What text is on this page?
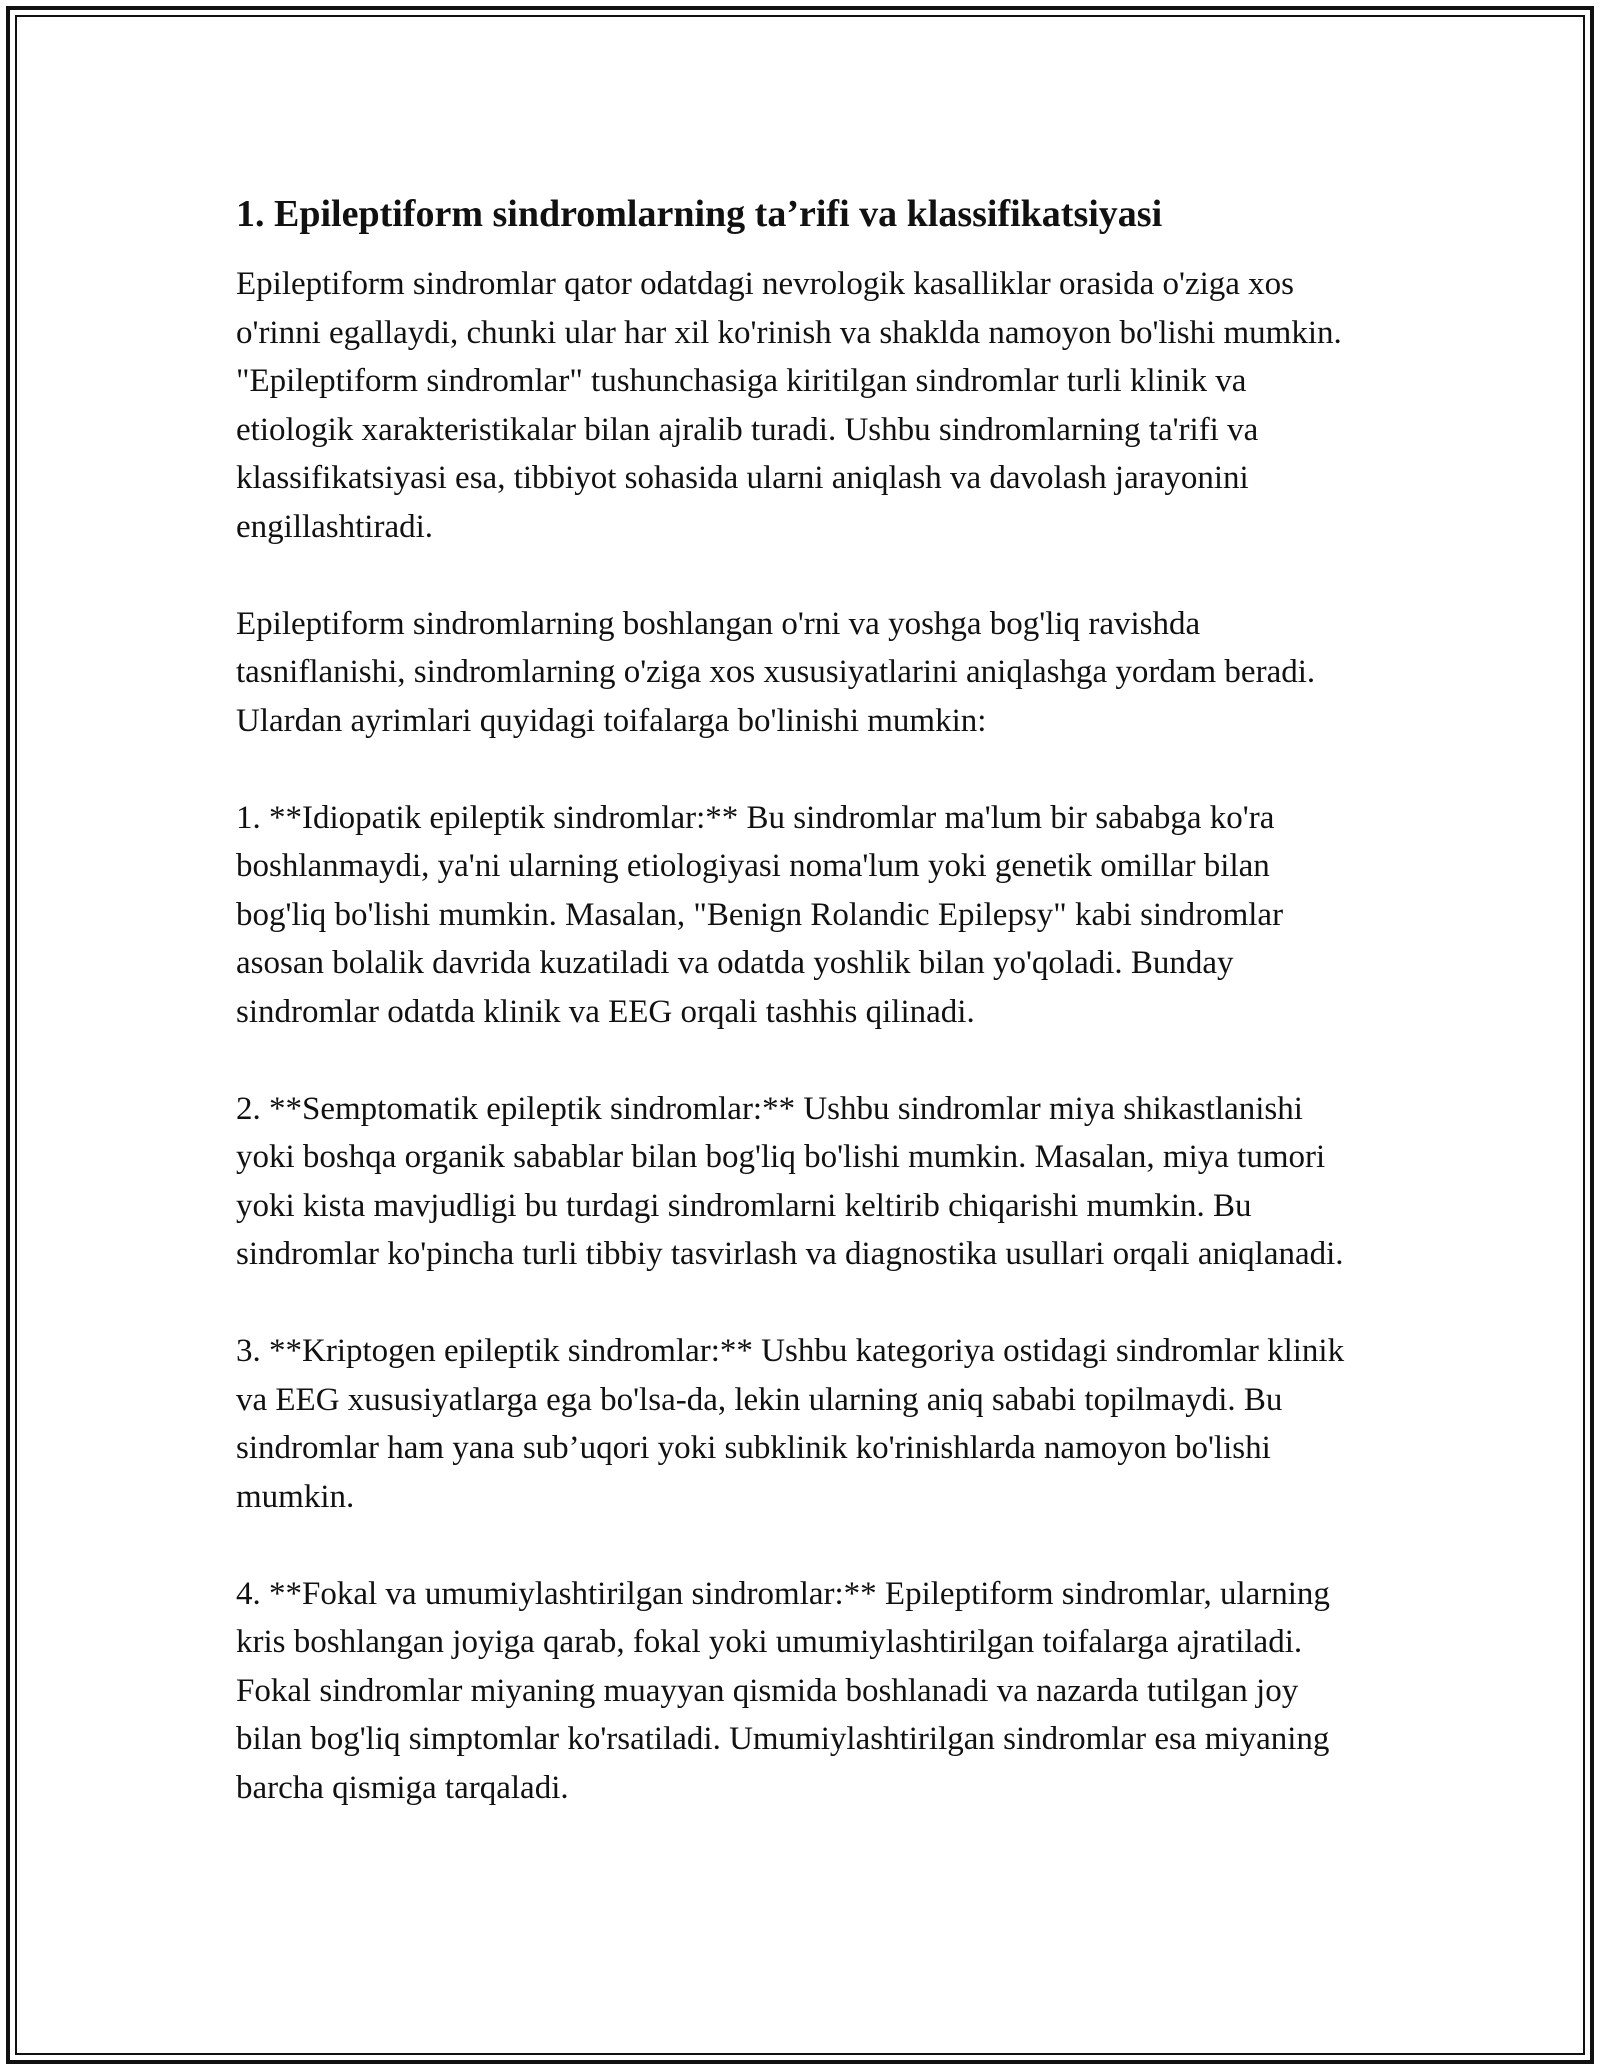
1. Epileptiform sindromlarning ta’rifi va klassifikatsiyasi

Epileptiform sindromlar qator odatdagi nevrologik kasalliklar orasida o'ziga xos o'rinni egallaydi, chunki ular har xil ko'rinish va shaklda namoyon bo'lishi mumkin. "Epileptiform sindromlar" tushunchasiga kiritilgan sindromlar turli klinik va etiologik xarakteristikalar bilan ajralib turadi. Ushbu sindromlarning ta'rifi va klassifikatsiyasi esa, tibbiyot sohasida ularni aniqlash va davolash jarayonini engillashtiradi.

Epileptiform sindromlarning boshlangan o'rni va yoshga bog'liq ravishda tasniflanishi, sindromlarning o'ziga xos xususiyatlarini aniqlashga yordam beradi. Ulardan ayrimlari quyidagi toifalarga bo'linishi mumkin:

1. **Idiopatik epileptik sindromlar:** Bu sindromlar ma'lum bir sababga ko'ra boshlanmaydi, ya'ni ularning etiologiyasi noma'lum yoki genetik omillar bilan bog'liq bo'lishi mumkin. Masalan, "Benign Rolandic Epilepsy" kabi sindromlar asosan bolalik davrida kuzatiladi va odatda yoshlik bilan yo'qoladi. Bunday sindromlar odatda klinik va EEG orqali tashhis qilinadi.

2. **Semptomatik epileptik sindromlar:** Ushbu sindromlar miya shikastlanishi yoki boshqa organik sabablar bilan bog'liq bo'lishi mumkin. Masalan, miya tumori yoki kista mavjudligi bu turdagi sindromlarni keltirib chiqarishi mumkin. Bu sindromlar ko'pincha turli tibbiy tasvirlash va diagnostika usullari orqali aniqlanadi.

3. **Kriptogen epileptik sindromlar:** Ushbu kategoriya ostidagi sindromlar klinik va EEG xususiyatlarga ega bo'lsa-da, lekin ularning aniq sababi topilmaydi. Bu sindromlar ham yana sub’uqori yoki subklinik ko'rinishlarda namoyon bo'lishi mumkin.

4. **Fokal va umumiylashtirilgan sindromlar:** Epileptiform sindromlar, ularning kris boshlangan joyiga qarab, fokal yoki umumiylashtirilgan toifalarga ajratiladi. Fokal sindromlar miyaning muayyan qismida boshlanadi va nazarda tutilgan joy bilan bog'liq simptomlar ko'rsatiladi. Umumiylashtirilgan sindromlar esa miyaning barcha qismiga tarqaladi.
